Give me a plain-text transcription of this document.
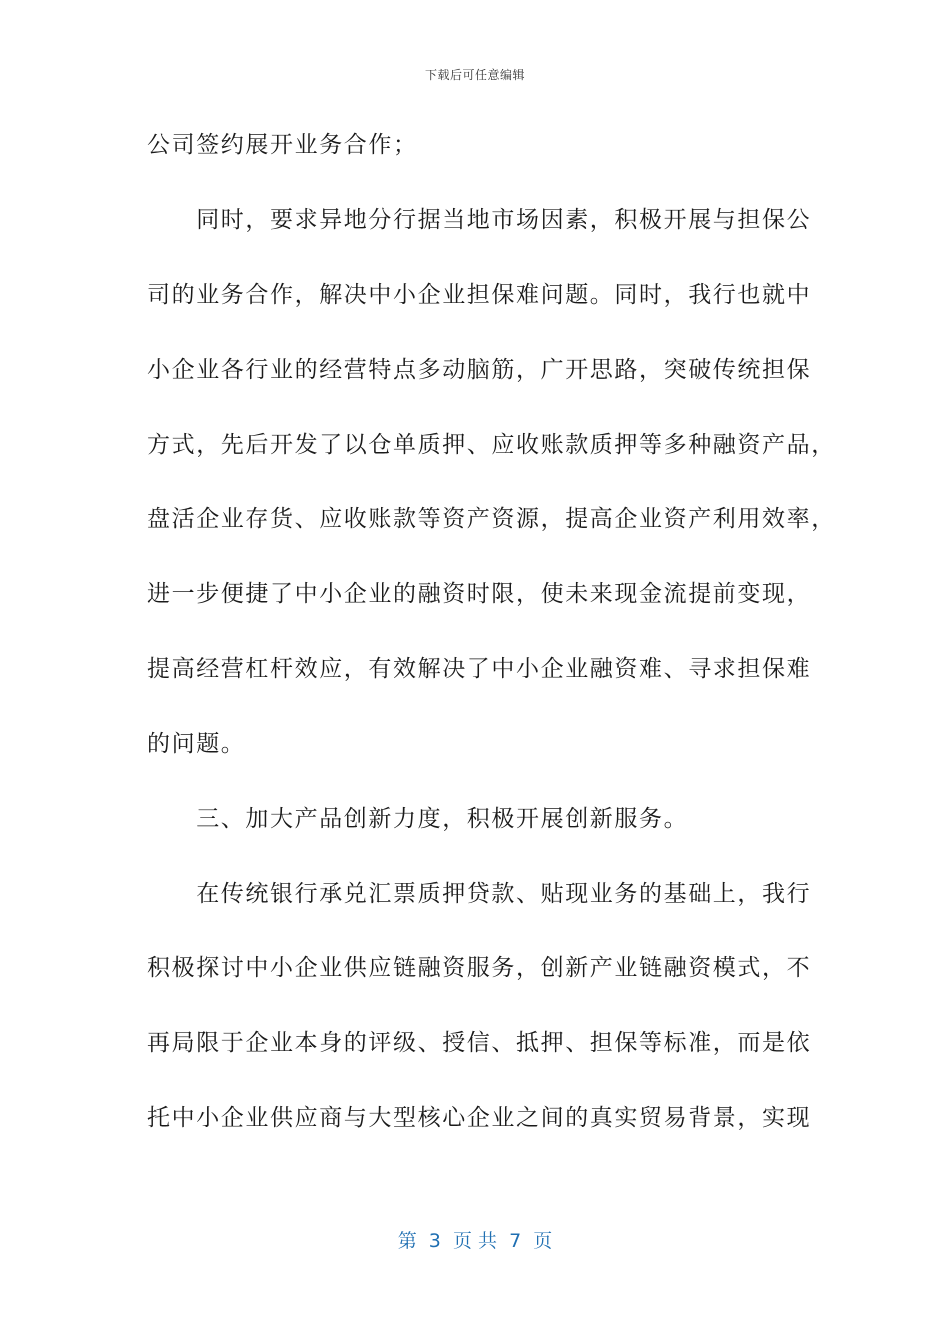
下载后可任意编辑
公司签约展开业务合作；
　　同时，要求异地分行据当地市场因素，积极开展与担保公
司的业务合作，解决中小企业担保难问题。同时，我行也就中
小企业各行业的经营特点多动脑筋，广开思路，突破传统担保
方式，先后开发了以仓单质押、应收账款质押等多种融资产品，
盘活企业存货、应收账款等资产资源，提高企业资产利用效率，
进一步便捷了中小企业的融资时限，使未来现金流提前变现，
提高经营杠杆效应，有效解决了中小企业融资难、寻求担保难
的问题。
　　三、加大产品创新力度，积极开展创新服务。
　　在传统银行承兑汇票质押贷款、贴现业务的基础上，我行
积极探讨中小企业供应链融资服务，创新产业链融资模式，不
再局限于企业本身的评级、授信、抵押、担保等标准，而是依
托中小企业供应商与大型核心企业之间的真实贸易背景，实现
第  3  页 共  7  页
